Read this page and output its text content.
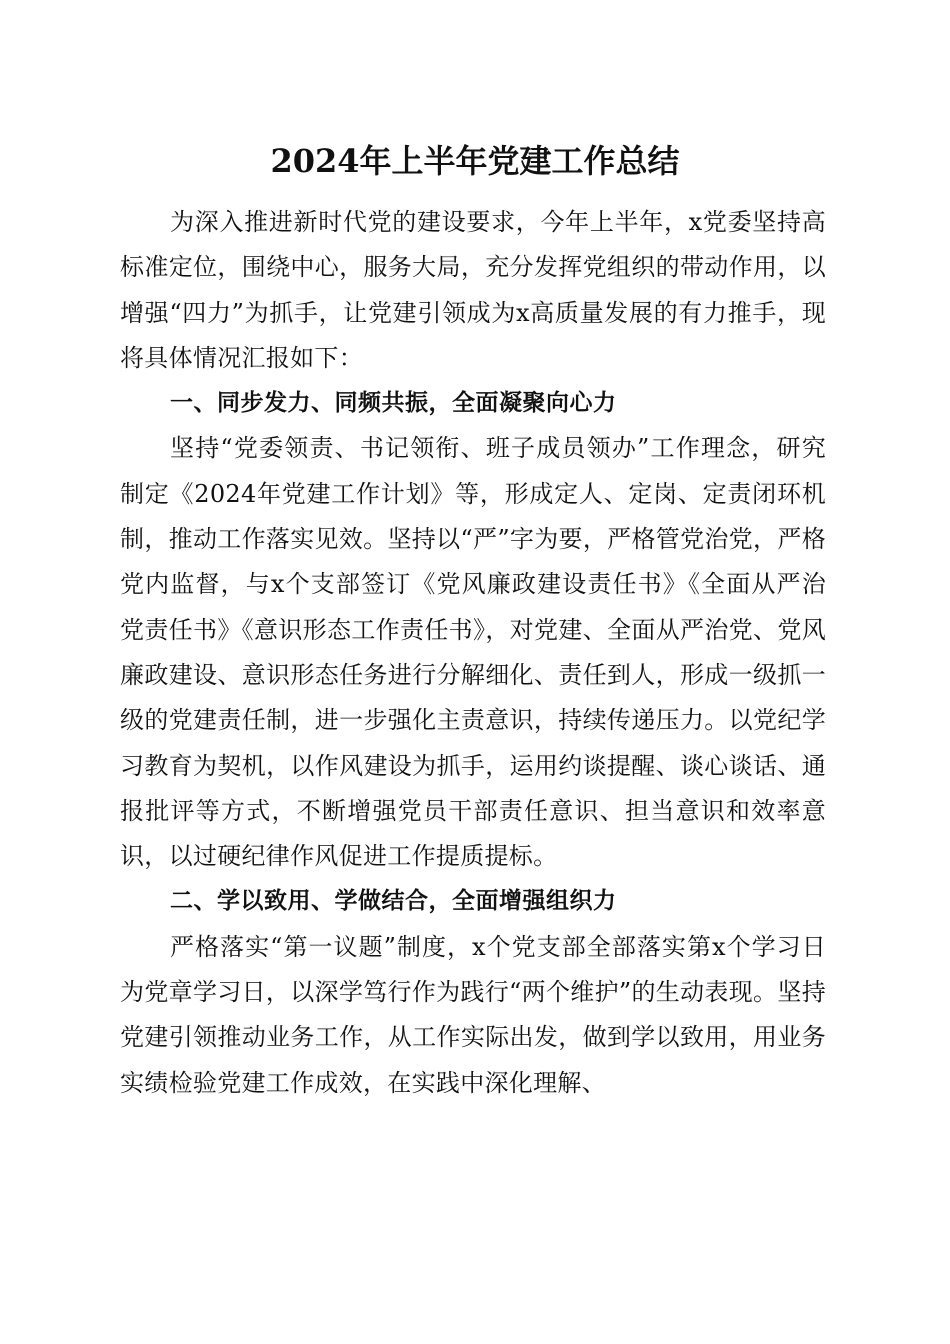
2024年上半年党建工作总结

为深入推进新时代党的建设要求，今年上半年，x党委坚持高标准定位，围绕中心，服务大局，充分发挥党组织的带动作用，以增强“四力”为抓手，让党建引领成为x高质量发展的有力推手，现将具体情况汇报如下：

一、同步发力、同频共振，全面凝聚向心力

坚持“党委领责、书记领衔、班子成员领办”工作理念，研究制定《2024年党建工作计划》等，形成定人、定岗、定责闭环机制，推动工作落实见效。坚持以“严”字为要，严格管党治党，严格党内监督，与x个支部签订《党风廉政建设责任书》《全面从严治党责任书》《意识形态工作责任书》，对党建、全面从严治党、党风廉政建设、意识形态任务进行分解细化、责任到人，形成一级抓一级的党建责任制，进一步强化主责意识，持续传递压力。以党纪学习教育为契机，以作风建设为抓手，运用约谈提醒、谈心谈话、通报批评等方式，不断增强党员干部责任意识、担当意识和效率意识，以过硬纪律作风促进工作提质提标。

二、学以致用、学做结合，全面增强组织力

严格落实“第一议题”制度，x个党支部全部落实第x个学习日为党章学习日，以深学笃行作为践行“两个维护”的生动表现。坚持党建引领推动业务工作，从工作实际出发，做到学以致用，用业务实绩检验党建工作成效，在实践中深化理解、
